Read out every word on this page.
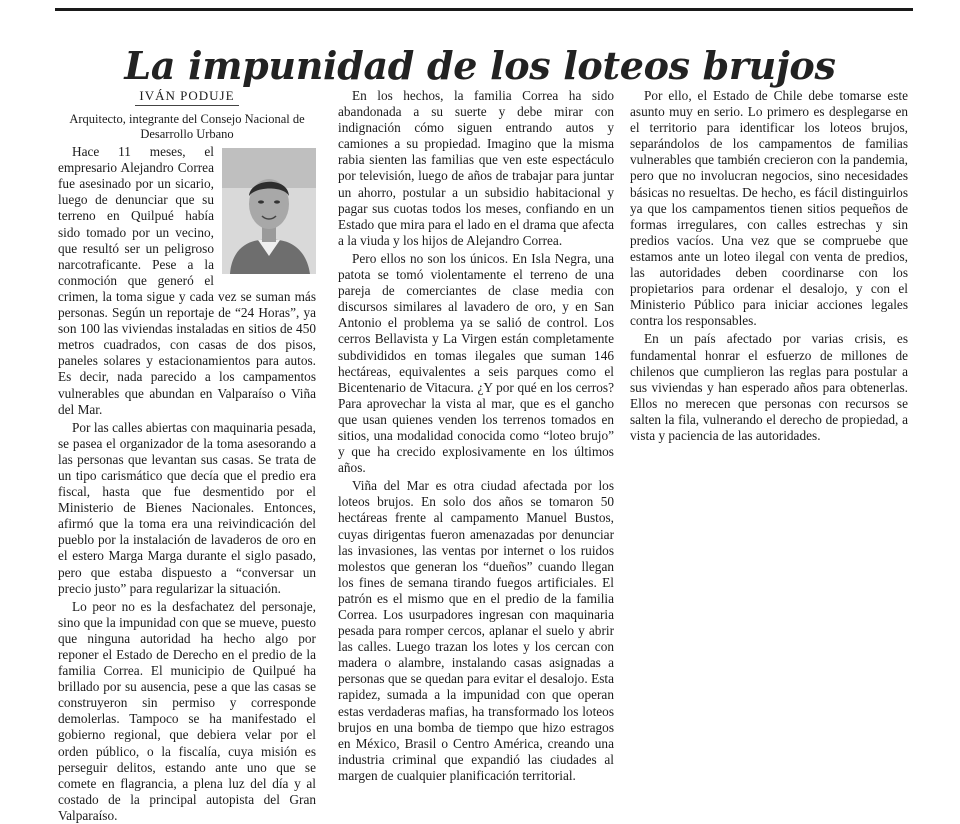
La impunidad de los loteos brujos
IVÁN PODUJE

Arquitecto, integrante del Consejo Nacional de Desarrollo Urbano

Hace 11 meses, el empresario Alejandro Correa fue asesinado por un sicario, luego de denunciar que su terreno en Quilpué había sido tomado por un vecino, que resultó ser un peligroso narcotraficante. Pese a la conmoción que generó el crimen, la toma sigue y cada vez se suman más personas. Según un reportaje de “24 Horas”, ya son 100 las viviendas instaladas en sitios de 450 metros cuadrados, con casas de dos pisos, paneles solares y estacionamientos para autos. Es decir, nada parecido a los campamentos vulnerables que abundan en Valparaíso o Viña del Mar.

Por las calles abiertas con maquinaria pesada, se pasea el organizador de la toma asesorando a las personas que levantan sus casas. Se trata de un tipo carismático que decía que el predio era fiscal, hasta que fue desmentido por el Ministerio de Bienes Nacionales. Entonces, afirmó que la toma era una reivindicación del pueblo por la instalación de lavaderos de oro en el estero Marga Marga durante el siglo pasado, pero que estaba dispuesto a “conversar un precio justo” para regularizar la situación.

Lo peor no es la desfachatez del personaje, sino que la impunidad con que se mueve, puesto que ninguna autoridad ha hecho algo por reponer el Estado de Derecho en el predio de la familia Correa. El municipio de Quilpué ha brillado por su ausencia, pese a que las casas se construyeron sin permiso y corresponde demolerlas. Tampoco se ha manifestado el gobierno regional, que debiera velar por el orden público, o la fiscalía, cuya misión es perseguir delitos, estando ante uno que se comete en flagrancia, a plena luz del día y al costado de la principal autopista del Gran Valparaíso.

En los hechos, la familia Correa ha sido abandonada a su suerte y debe mirar con indignación cómo siguen entrando autos y camiones a su propiedad. Imagino que la misma rabia sienten las familias que ven este espectáculo por televisión, luego de años de trabajar para juntar un ahorro, postular a un subsidio habitacional y pagar sus cuotas todos los meses, confiando en un Estado que mira para el lado en el drama que afecta a la viuda y los hijos de Alejandro Correa.

Pero ellos no son los únicos. En Isla Negra, una patota se tomó violentamente el terreno de una pareja de comerciantes de clase media con discursos similares al lavadero de oro, y en San Antonio el problema ya se salió de control. Los cerros Bellavista y La Virgen están completamente subdivididos en tomas ilegales que suman 146 hectáreas, equivalentes a seis parques como el Bicentenario de Vitacura. ¿Y por qué en los cerros? Para aprovechar la vista al mar, que es el gancho que usan quienes venden los terrenos tomados en sitios, una modalidad conocida como “loteo brujo” y que ha crecido explosivamente en los últimos años.

Viña del Mar es otra ciudad afectada por los loteos brujos. En solo dos años se tomaron 50 hectáreas frente al campamento Manuel Bustos, cuyas dirigentas fueron amenazadas por denunciar las invasiones, las ventas por internet o los ruidos molestos que generan los “dueños” cuando llegan los fines de semana tirando fuegos artificiales. El patrón es el mismo que en el predio de la familia Correa. Los usurpadores ingresan con maquinaria pesada para romper cercos, aplanar el suelo y abrir las calles. Luego trazan los lotes y los cercan con madera o alambre, instalando casas asignadas a personas que se quedan para evitar el desalojo. Esta rapidez, sumada a la impunidad con que operan estas verdaderas mafias, ha transformado los loteos brujos en una bomba de tiempo que hizo estragos en México, Brasil o Centro América, creando una industria criminal que expandió las ciudades al margen de cualquier planificación territorial.

Por ello, el Estado de Chile debe tomarse este asunto muy en serio. Lo primero es desplegarse en el territorio para identificar los loteos brujos, separándolos de los campamentos de familias vulnerables que también crecieron con la pandemia, pero que no involucran negocios, sino necesidades básicas no resueltas. De hecho, es fácil distinguirlos ya que los campamentos tienen sitios pequeños de formas irregulares, con calles estrechas y sin predios vacíos. Una vez que se compruebe que estamos ante un loteo ilegal con venta de predios, las autoridades deben coordinarse con los propietarios para ordenar el desalojo, y con el Ministerio Público para iniciar acciones legales contra los responsables.

En un país afectado por varias crisis, es fundamental honrar el esfuerzo de millones de chilenos que cumplieron las reglas para postular a sus viviendas y han esperado años para obtenerlas. Ellos no merecen que personas con recursos se salten la fila, vulnerando el derecho de propiedad, a vista y paciencia de las autoridades.
